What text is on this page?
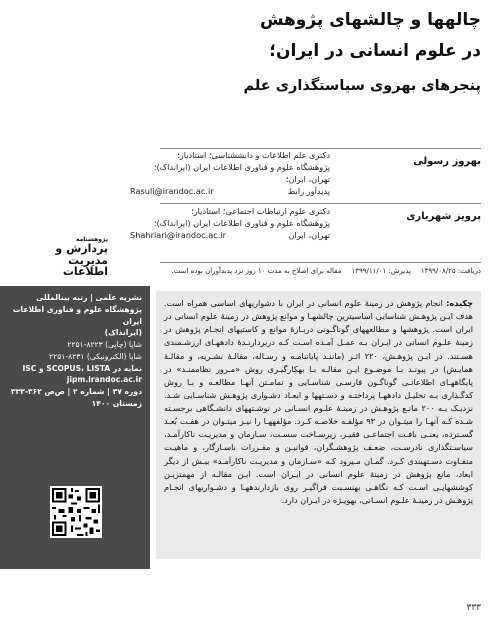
چالهها و چالشهای پژوهش
در علوم انسانی در ایران؛
پنجرهای بهروی سیاستگذاری علم
بهروز رسولی
دکتری علم اطلاعات و دانششناسی؛ استادیار؛
پژوهشگاه علوم و فناوری اطلاعات ایران (ایرانداک)؛
تهران، ایران؛
پدیدآور رابط
Rasuli@irandoc.ac.ir
پرویز شهریاری
دکتری علوم ارتباطات اجتماعی؛ استادیار؛
پژوهشگاه علوم و فناوری اطلاعات ایران (ایرانداک)؛
تهران، ایران
Shahriari@irandoc.ac.ir
دریافت: ۱۳۹۹/۰۸/۲۵
پذیرش: ۱۳۹۹/۱۱/۰۱
مقاله برای اصلاح به مدت ۱۰ روز نزد پدیدآوران بوده است.
پژوهشنامه
پردازش و
مدیریت
اطلاعات
نشریه علمی | رتبه بینالمللی
پژوهشگاه علوم و فناوری اطلاعات ایران
(ایرانداک)
شاپا (چاپی) ۸۲۲۳-۲۲۵۱
شاپا (الکترونیکی) ۸۲۳۱-۲۲۵۱
نمایه در SCOPUS، LISTA و ISC
jipm.irandoc.ac.ir
دوره ۳۷ | شماره ۲ | ص‌ص ۳۶۲-۳۳۳
زمستان ۱۴۰۰
چکیده: انجام پژوهش در زمینهٔ علوم انسانی در ایران با دشواریهای اساسی همراه است. هدف ایـن پژوهـش شناسایی اساسیترین چالشهـا و موانع پژوهش در زمینهٔ علوم انسانی در ایران است. پژوهشها و مطالعههای گوناگـونی دربـارهٔ موانع و کاستیهای انجـام پژوهش در زمینهٔ علـوم انسانی در ایـران بـه عمـل آمـده اسـت کـه دربردارنـدهٔ دادههـای ارزشـمندی هسـتند. در ایـن پژوهـش، ۲۲۰ اثـر (ماننـد پایاننامـه و رسـاله، مقالـهٔ نشـریه، و مقالـهٔ همایـش) در پیونـد بـا موضـوع ایـن مقالـه بـا بهکارگیـری روش «مـرور نظاممنـد» در پایگاههـای اطلاعاتـی گوناگـون فارسـی شناسـایی و تمامـتن آنهـا مطالعـه و بـا روش کدگـذاری بـه تحلیـل دادههـا پرداختـه و دسـتهها و ابعـاد دشـواری پژوهـش شناسـایی شـد. نزدیـک بـه ۲۰۰ مانـع پژوهـش در زمینـهٔ علـوم انسـانی در نوشـتههای دانشـگاهی برجسـته شـده کـه آنهـا را میتـوان در ۹۳ مؤلفـه خلاصـه کـرد. مؤلفههـا را نیـز میتـوان در هفـت بُعـد گسـترده، یعنـی بافـت اجتماعـی فقیـر، زیرسـاخت سسـت، سـازمان و مدیریـت ناکارآمـد، سیاسـتگذاری نادرسـت، ضعـف پژوهشـگران، قوانیـن و مقـررات ناسـازگار، و ماهیـت متفـاوت دسـتهبندی کـرد. گمـان مـیرود کـه «سـازمان و مدیریـت ناکارآمـد» بیـش از دیگر ابعاد، مانع پژوهش در زمینهٔ علوم انسانی در ایـران است. ایـن مقالـه از مهمتریـن کوششهایـی اسـت کـه نگاهـی بهنسـبت فراگیـر روی بازدارندههـا و دشـواریهای انجـام پژوهـش در زمینـهٔ علـوم انسـانی، بهویـژه در ایـران دارد.
۳۳۳
